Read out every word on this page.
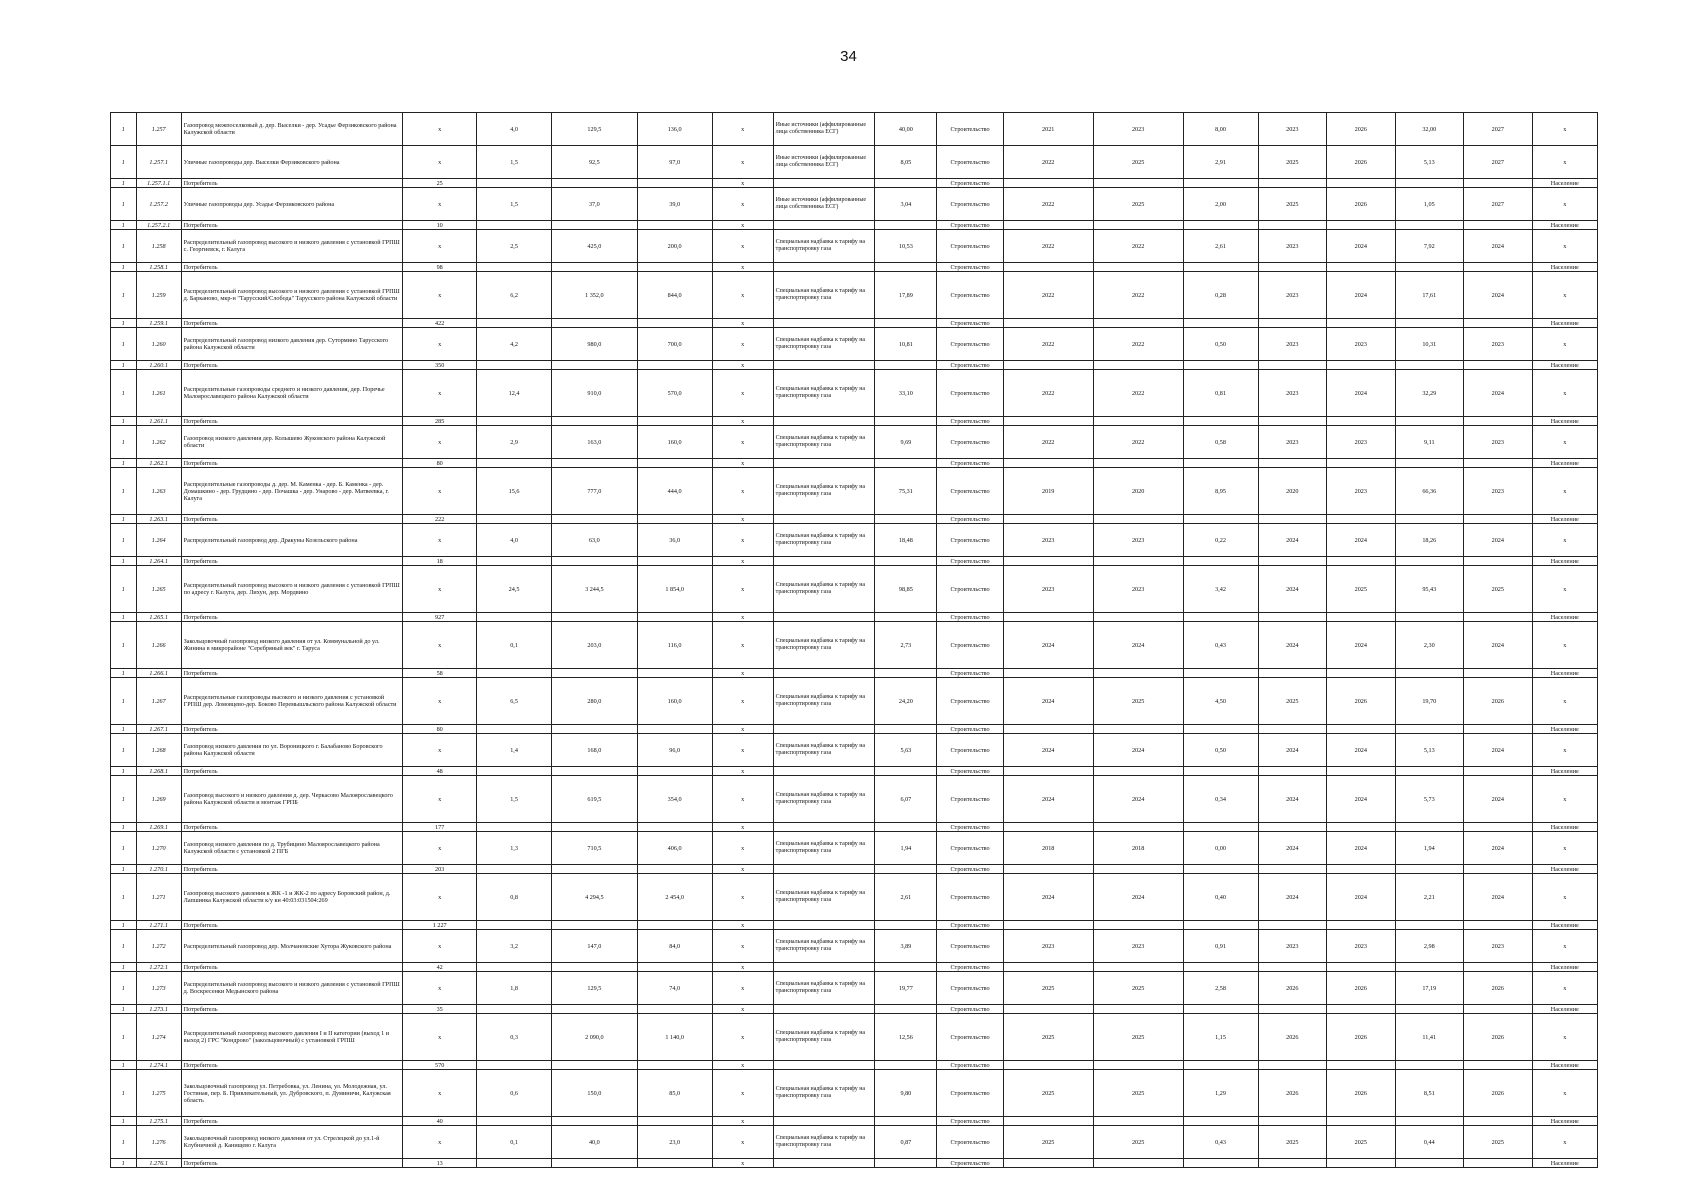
34
1	1.257	Газопровод межпоселковый д. дер. Выселки - дер. Усадье Ферзиковского района Калужской области	х	4,0	129,5	136,0	х	Иные источники (аффилированные лица собственника ЕСГ)	40,00	Строительство	2021	2023	8,00	2023	2026	32,00	2027	х
1	1.257.1	Уличные газопроводы дер. Выселки Ферзиковского района	х	1,5	92,5	97,0	х	Иные источники (аффилированные лица собственника ЕСГ)	8,05	Строительство	2022	2025	2,91	2025	2026	5,13	2027	х
1	1.257.1.1	Потребитель	25				х			Строительство								Население
1	1.257.2	Уличные газопроводы дер. Усадье Ферзиковского района	х	1,5	37,0	39,0	х	Иные источники (аффилированные лица собственника ЕСГ)	3,04	Строительство	2022	2025	2,00	2025	2026	1,05	2027	х
1	1.257.2.1	Потребитель	10				х			Строительство								Население
1	1.258	Распределительный газопровод высокого и низкого давления с установкой ГРПШ с. Георгиевск, г. Калуга	х	2,5	425,0	200,0	х	Специальная надбавка к тарифу на транспортировку газа	10,53	Строительство	2022	2022	2,61	2023	2024	7,92	2024	х
1	1.258.1	Потребитель	98				х			Строительство								Население
1	1.259	Распределительный газопровод высокого и низкого давления с установкой ГРПШ д. Барканово, мкр-н "Тарусский/Слобода" Тарусского района Калужской области	х	6,2	1 352,0	844,0	х	Специальная надбавка к тарифу на транспортировку газа	17,89	Строительство	2022	2022	0,28	2023	2024	17,61	2024	х
1	1.259.1	Потребитель	422				х			Строительство								Население
1	1.260	Распределительный газопровод низкого давления дер. Сутормино Тарусского района Калужской области	х	4,2	980,0	700,0	х	Специальная надбавка к тарифу на транспортировку газа	10,81	Строительство	2022	2022	0,50	2023	2023	10,31	2023	х
1	1.260.1	Потребитель	350				х			Строительство								Население
1	1.261	Распределительные газопроводы среднего и низкого давления, дер. Поречье Малоярославецкого района Калужской области	х	12,4	910,0	570,0	х	Специальная надбавка к тарифу на транспортировку газа	33,10	Строительство	2022	2022	0,81	2023	2024	32,29	2024	х
1	1.261.1	Потребитель	285				х			Строительство								Население
1	1.262	Газопровод низкого давления дер. Колышево Жуковского района Калужской области	х	2,9	163,0	160,0	х	Специальная надбавка к тарифу на транспортировку газа	9,69	Строительство	2022	2022	0,58	2023	2023	9,11	2023	х
1	1.262.1	Потребитель	80				х			Строительство								Население
1	1.263	Распределительные газопроводы д. дер. М. Каменка - дер. Б. Каменка - дер. Домашкино - дер. Грудцино - дер. Почашка - дер. Унарово - дер. Матвеевка, г. Калуга	х	15,6	777,0	444,0	х	Специальная надбавка к тарифу на транспортировку газа	75,31	Строительство	2019	2020	8,95	2020	2023	66,36	2023	х
1	1.263.1	Потребитель	222				х			Строительство								Население
1	1.264	Распределительный газопровод дер. Дракуны Козельского района	х	4,0	63,0	36,0	х	Специальная надбавка к тарифу на транспортировку газа	18,48	Строительство	2023	2023	0,22	2024	2024	18,26	2024	х
1	1.264.1	Потребитель	18				х			Строительство								Население
1	1.265	Распределительный газопровод высокого и низкого давления с установкой ГРПШ по адресу г. Калуга, дер. Лихун, дер. Мордвино	х	24,5	3 244,5	1 854,0	х	Специальная надбавка к тарифу на транспортировку газа	98,85	Строительство	2023	2023	3,42	2024	2025	95,43	2025	х
1	1.265.1	Потребитель	927				х			Строительство								Население
1	1.266	Закольцовочный газопровод низкого давления от ул. Коммунальной до ул. Жинина в микрорайоне "Серебряный век" г. Таруса	х	0,1	203,0	116,0	х	Специальная надбавка к тарифу на транспортировку газа	2,73	Строительство	2024	2024	0,43	2024	2024	2,30	2024	х
1	1.266.1	Потребитель	58				х			Строительство								Население
1	1.267	Распределительные газопроводы высокого и низкого давления с установкой ГРПШ дер. Ломовцево-дер. Боково Перемышльского района Калужской области	х	6,5	280,0	160,0	х	Специальная надбавка к тарифу на транспортировку газа	24,20	Строительство	2024	2025	4,50	2025	2026	19,70	2026	х
1	1.267.1	Потребитель	80				х			Строительство								Население
1	1.268	Газопровод низкого давления по ул. Вороницкого г. Балабаново Боровского района Калужской области	х	1,4	168,0	96,0	х	Специальная надбавка к тарифу на транспортировку газа	5,63	Строительство	2024	2024	0,50	2024	2024	5,13	2024	х
1	1.268.1	Потребитель	48				х			Строительство								Население
1	1.269	Газопровод высокого и низкого давления д. дер. Черкасово Малоярославецкого района Калужской области и монтаж ГРПБ	х	1,5	619,5	354,0	х	Специальная надбавка к тарифу на транспортировку газа	6,07	Строительство	2024	2024	0,34	2024	2024	5,73	2024	х
1	1.269.1	Потребитель	177				х			Строительство								Население
1	1.270	Газопровод низкого давления по д. Трубицино Малоярославецкого района Калужской области с установкой 2 ПГБ	х	1,3	710,5	406,0	х	Специальная надбавка к тарифу на транспортировку газа	1,94	Строительство	2018	2018	0,00	2024	2024	1,94	2024	х
1	1.270.1	Потребитель	203				х			Строительство								Население
1	1.271	Газопровод высокого давления к ЖК -1 и ЖК-2 по адресу Боровский район, д. Лапшинка Калужской области к/у кн 40:03:031504:269	х	0,8	4 294,5	2 454,0	х	Специальная надбавка к тарифу на транспортировку газа	2,61	Строительство	2024	2024	0,40	2024	2024	2,21	2024	х
1	1.271.1	Потребитель	1 227				х			Строительство								Население
1	1.272	Распределительный газопровод дер. Молчановские Хутора Жуковского района	х	3,2	147,0	84,0	х	Специальная надбавка к тарифу на транспортировку газа	3,89	Строительство	2023	2023	0,91	2023	2023	2,98	2023	х
1	1.272.1	Потребитель	42				х			Строительство								Население
1	1.273	Распределительный газопровод высокого и низкого давления с установкой ГРПШ д. Воскресенки Медынского района	х	1,8	129,5	74,0	х	Специальная надбавка к тарифу на транспортировку газа	19,77	Строительство	2025	2025	2,58	2026	2026	17,19	2026	х
1	1.273.1	Потребитель	35				х			Строительство								Население
1	1.274	Распределительный газопровод высокого давления I и II категории (выход 1 и выход 2) ГРС "Кондрово" (закольцовочный) с установкой ГРПШ	х	0,3	2 090,0	1 140,0	х	Специальная надбавка к тарифу на транспортировку газа	12,56	Строительство	2025	2025	1,15	2026	2026	11,41	2026	х
1	1.274.1	Потребитель	570				х			Строительство								Население
1	1.275	Закольцовочный газопровод ул. Петребовка, ул. Ленина, ул. Молодежная, ул. Гостиная, пер. Б. Привлекательный, ул. Дубровского, п. Думиничи, Калужская область	х	0,6	150,0	85,0	х	Специальная надбавка к тарифу на транспортировку газа	9,80	Строительство	2025	2025	1,29	2026	2026	8,51	2026	х
1	1.275.1	Потребитель	40				х			Строительство								Население
1	1.276	Закольцовочный газопровод низкого давления от ул. Стрелецкой до ул.1-й Клубничной д. Канищево г. Калуга	х	0,1	40,0	23,0	х	Специальная надбавка к тарифу на транспортировку газа	0,87	Строительство	2025	2025	0,43	2025	2025	0,44	2025	х
1	1.276.1	Потребитель	13				х			Строительство								Население
